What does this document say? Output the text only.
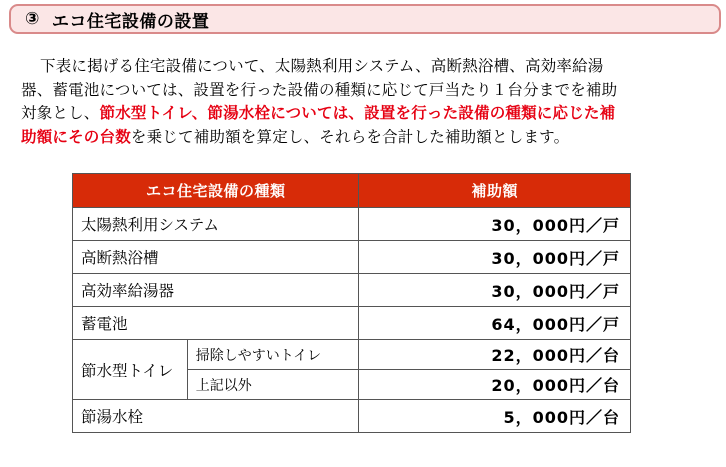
③ エコ住宅設備の設置
下表に掲げる住宅設備について、太陽熱利用システム、高断熱浴槽、高効率給湯
器、蓄電池については、設置を行った設備の種類に応じて戸当たり１台分までを補助
対象とし、節水型トイレ、節湯水栓については、設置を行った設備の種類に応じた補
助額にその台数を乗じて補助額を算定し、それらを合計した補助額とします。
エコ住宅設備の種類		補助額
太陽熱利用システム		30，000円／戸
高断熱浴槽		30，000円／戸
高効率給湯器		30，000円／戸
蓄電池		64，000円／戸
節水型トイレ	掃除しやすいトイレ	22，000円／台
	上記以外	20，000円／台
節湯水栓		5，000円／台
